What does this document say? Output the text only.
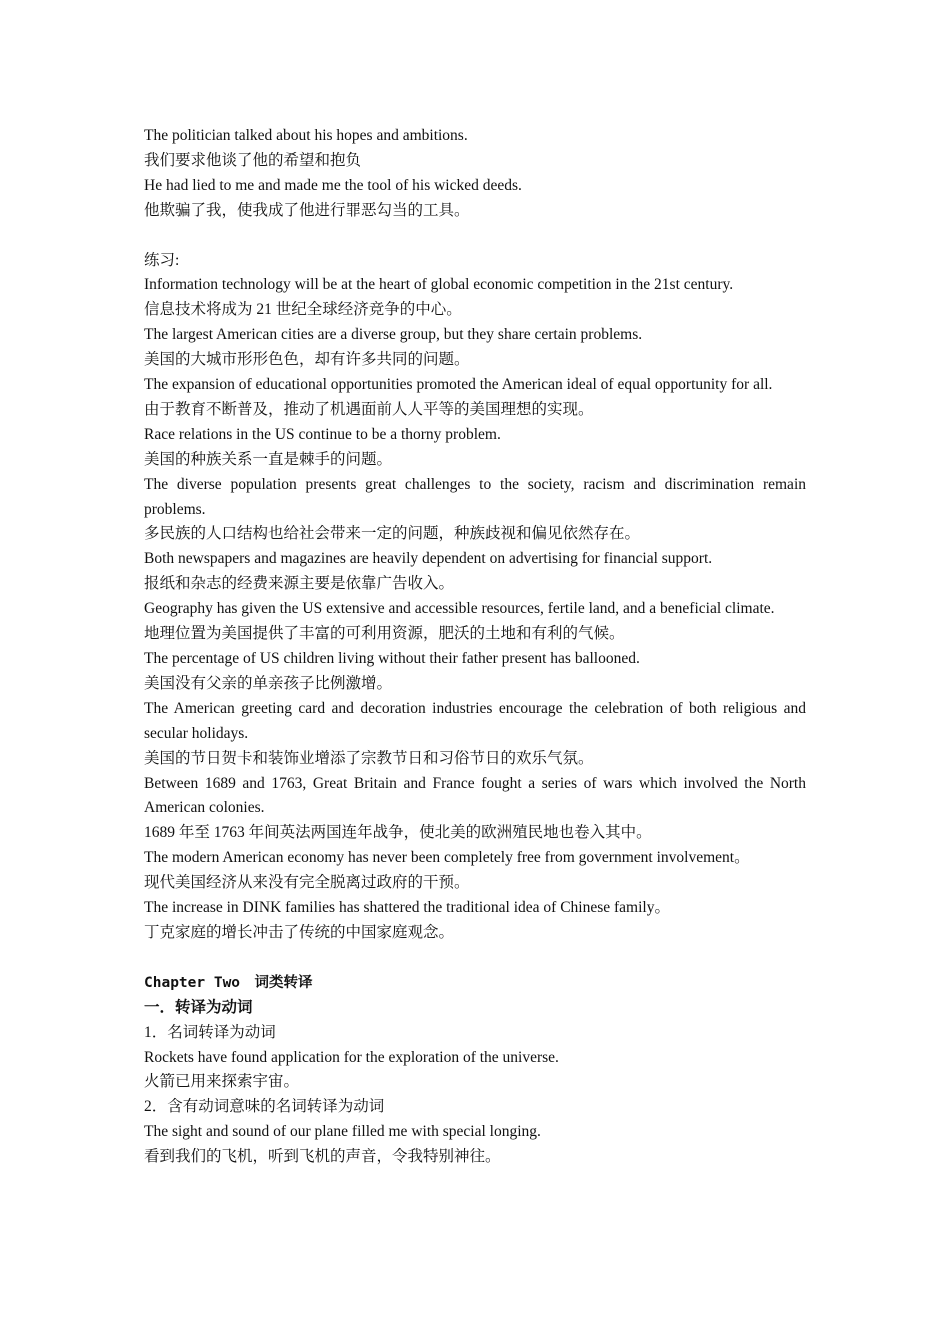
The politician talked about his hopes and ambitions.
我们要求他谈了他的希望和抱负
He had lied to me and made me the tool of his wicked deeds.
他欺骗了我，使我成了他进行罪恶勾当的工具。
练习:
Information technology will be at the heart of global economic competition in the 21st century.
信息技术将成为 21 世纪全球经济竞争的中心。
The largest American cities are a diverse group, but they share certain problems.
美国的大城市形形色色，却有许多共同的问题。
The expansion of educational opportunities promoted the American ideal of equal opportunity for all.
由于教育不断普及，推动了机遇面前人人平等的美国理想的实现。
Race relations in the US continue to be a thorny problem.
美国的种族关系一直是棘手的问题。
The diverse population presents great challenges to the society, racism and discrimination remain problems.
多民族的人口结构也给社会带来一定的问题，种族歧视和偏见依然存在。
Both newspapers and magazines are heavily dependent on advertising for financial support.
报纸和杂志的经费来源主要是依靠广告收入。
Geography has given the US extensive and accessible resources, fertile land, and a beneficial climate.
地理位置为美国提供了丰富的可利用资源，肥沃的土地和有利的气候。
The percentage of US children living without their father present has ballooned.
美国没有父亲的单亲孩子比例激增。
The American greeting card and decoration industries encourage the celebration of both religious and secular holidays.
美国的节日贺卡和装饰业增添了宗教节日和习俗节日的欢乐气氛。
Between 1689 and 1763, Great Britain and France fought a series of wars which involved the North American colonies.
1689 年至 1763 年间英法两国连年战争，使北美的欧洲殖民地也卷入其中。
The modern American economy has never been completely free from government involvement。
现代美国经济从来没有完全脱离过政府的干预。
The increase in DINK families has shattered the traditional idea of Chinese family。
丁克家庭的增长冲击了传统的中国家庭观念。
Chapter Two　词类转译
一．转译为动词
1．名词转译为动词
Rockets have found application for the exploration of the universe.
火箭已用来探索宇宙。
2．含有动词意味的名词转译为动词
The sight and sound of our plane filled me with special longing.
看到我们的飞机，听到飞机的声音，令我特别神往。
